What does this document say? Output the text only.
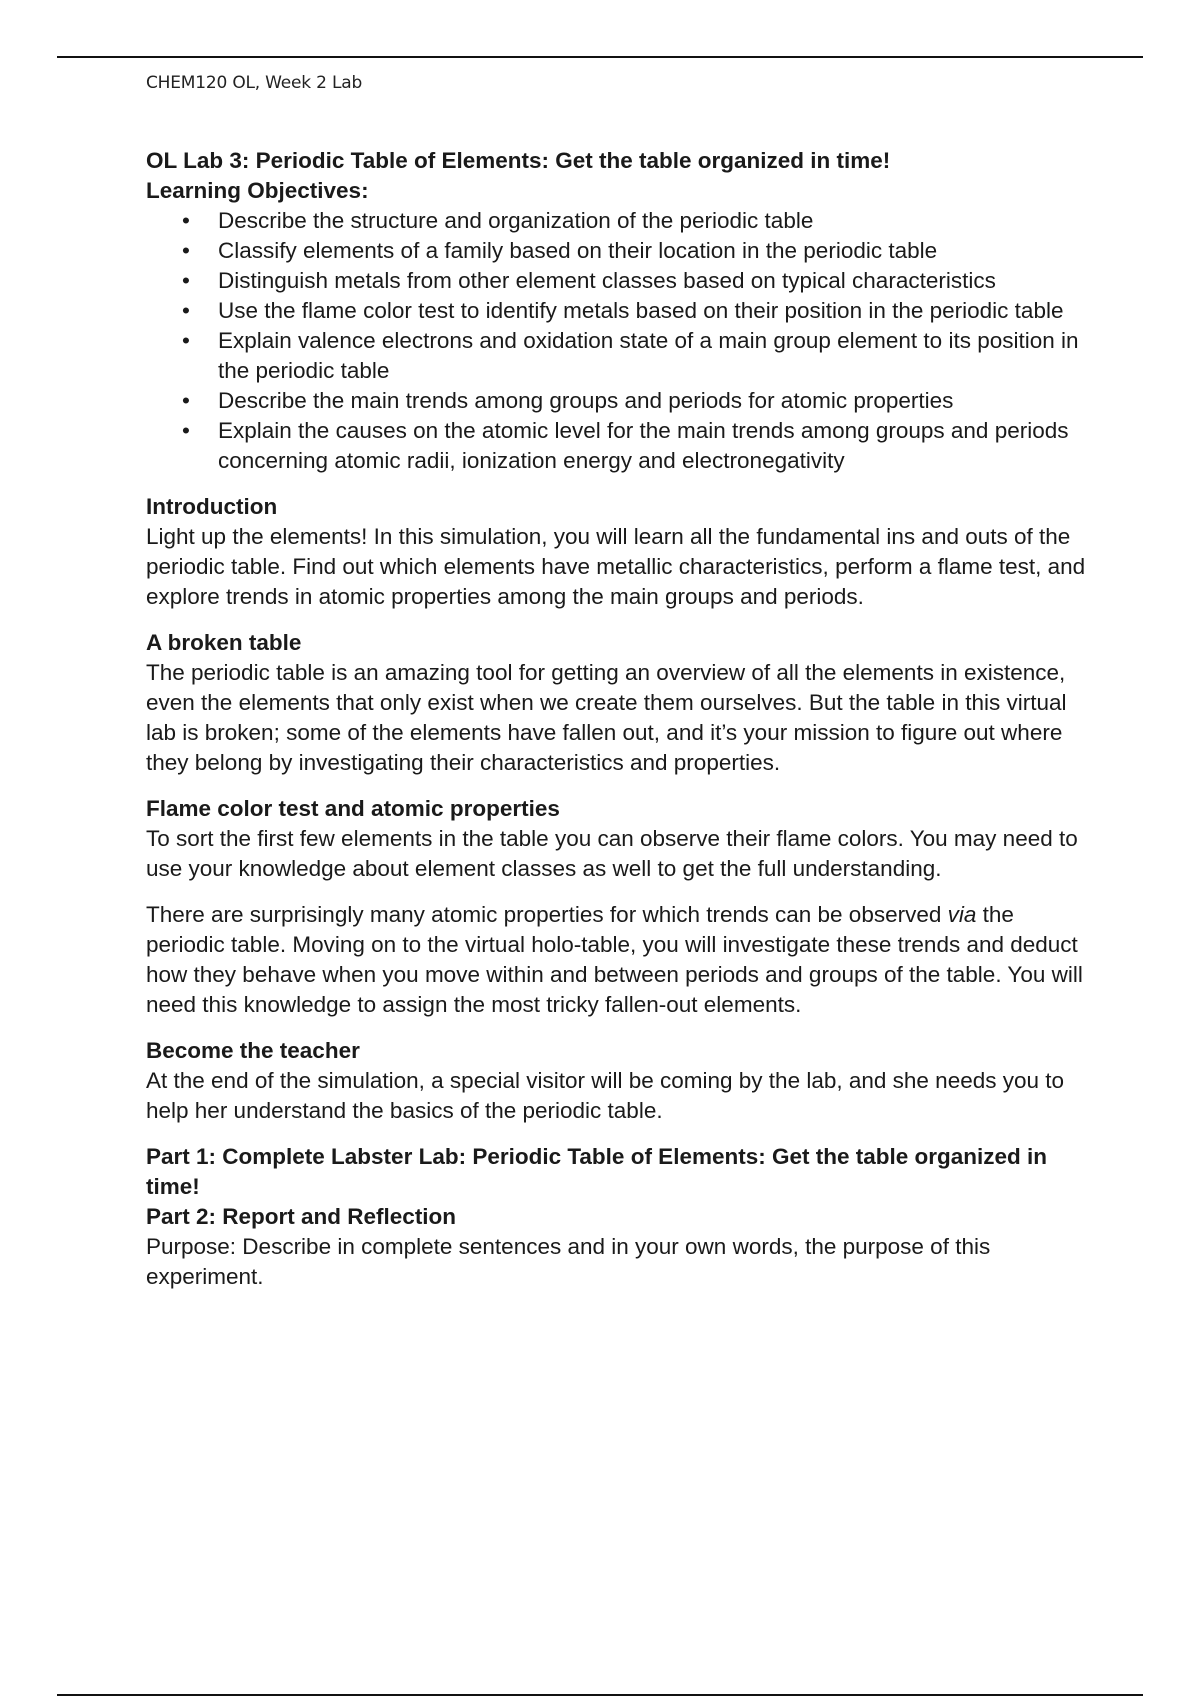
CHEM120 OL, Week 2 Lab

OL Lab 3: Periodic Table of Elements: Get the table organized in time!

Learning Objectives:

• Describe the structure and organization of the periodic table
• Classify elements of a family based on their location in the periodic table
• Distinguish metals from other element classes based on typical characteristics
• Use the flame color test to identify metals based on their position in the periodic table
• Explain valence electrons and oxidation state of a main group element to its position in the periodic table
• Describe the main trends among groups and periods for atomic properties
• Explain the causes on the atomic level for the main trends among groups and periods concerning atomic radii, ionization energy and electronegativity
Introduction

Light up the elements! In this simulation, you will learn all the fundamental ins and outs of the periodic table. Find out which elements have metallic characteristics, perform a flame test, and explore trends in atomic properties among the main groups and periods.

A broken table

The periodic table is an amazing tool for getting an overview of all the elements in existence, even the elements that only exist when we create them ourselves. But the table in this virtual lab is broken; some of the elements have fallen out, and it’s your mission to figure out where they belong by investigating their characteristics and properties.

Flame color test and atomic properties

To sort the first few elements in the table you can observe their flame colors. You may need to use your knowledge about element classes as well to get the full understanding.

There are surprisingly many atomic properties for which trends can be observed via the periodic table. Moving on to the virtual holo-table, you will investigate these trends and deduct how they behave when you move within and between periods and groups of the table. You will need this knowledge to assign the most tricky fallen-out elements.

Become the teacher

At the end of the simulation, a special visitor will be coming by the lab, and she needs you to help her understand the basics of the periodic table.

Part 1: Complete Labster Lab: Periodic Table of Elements: Get the table organized in time!

Part 2: Report and Reflection

Purpose: Describe in complete sentences and in your own words, the purpose of this experiment.
